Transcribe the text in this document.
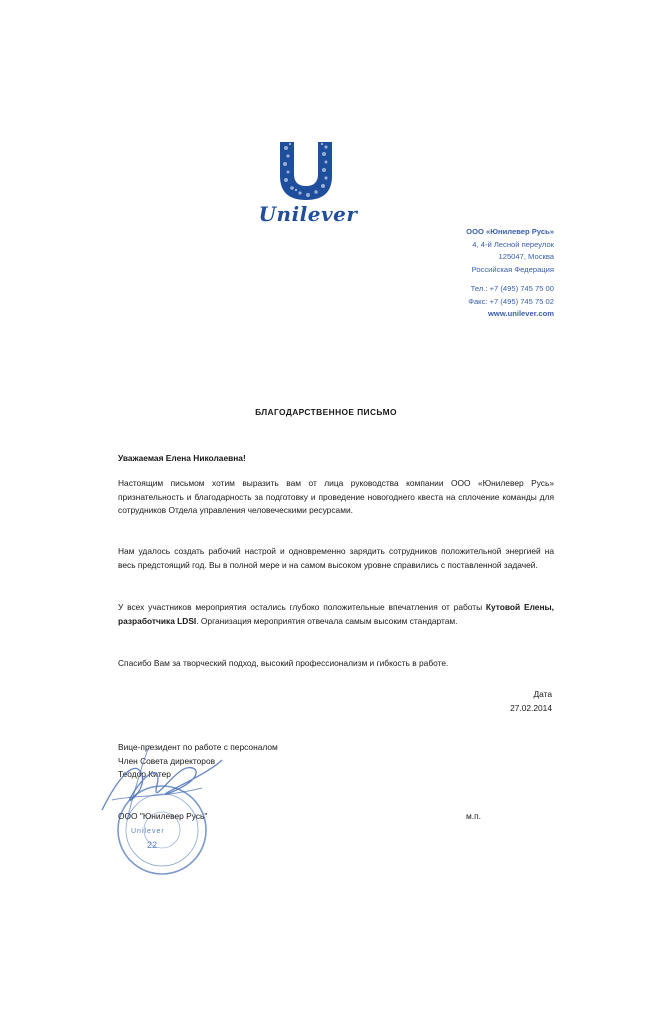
Unilever
ООО «Юнилевер Русь»
4, 4-й Лесной переулок
125047, Москва
Российская Федерация
Тел.: +7 (495) 745 75 00
Факс: +7 (495) 745 75 02
www.unilever.com
БЛАГОДАРСТВЕННОЕ ПИСЬМО
Уважаемая Елена Николаевна!
Настоящим письмом хотим выразить вам от лица руководства компании ООО «Юнилевер Русь» признательность и благодарность за подготовку и проведение новогоднего квеста на сплочение команды для сотрудников Отдела управления человеческими ресурсами.
Нам удалось создать рабочий настрой и одновременно зарядить сотрудников положительной энергией на весь предстоящий год. Вы в полной мере и на самом высоком уровне справились с поставленной задачей.
У всех участников мероприятия остались глубоко положительные впечатления от работы Кутовой Елены, разработчика LDSI. Организация мероприятия отвечала самым высоким стандартам.
Спасибо Вам за творческий подход, высокий профессионализм и гибкость в работе.
Дата
27.02.2014
Unilever
22
Вице-президент по работе с персоналом
Член Совета директоров
Теодор Китер
ООО "Юнилевер Русь"	м.п.
